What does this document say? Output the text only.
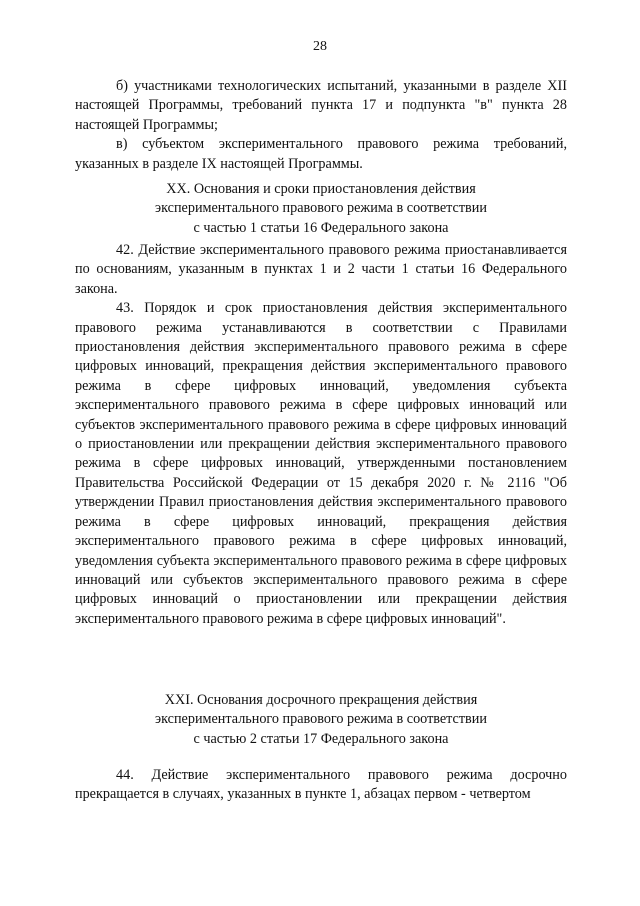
28

б) участниками технологических испытаний, указанными в разделе XII настоящей Программы, требований пункта 17 и подпункта "в" пункта 28 настоящей Программы;

в) субъектом экспериментального правового режима требований, указанных в разделе IX настоящей Программы.

XX. Основания и сроки приостановления действия
экспериментального правового режима в соответствии
с частью 1 статьи 16 Федерального закона

42. Действие экспериментального правового режима приостанавливается по основаниям, указанным в пунктах 1 и 2 части 1 статьи 16 Федерального закона.

43. Порядок и срок приостановления действия экспериментального правового режима устанавливаются в соответствии с Правилами приостановления действия экспериментального правового режима в сфере цифровых инноваций, прекращения действия экспериментального правового режима в сфере цифровых инноваций, уведомления субъекта экспериментального правового режима в сфере цифровых инноваций или субъектов экспериментального правового режима в сфере цифровых инноваций о приостановлении или прекращении действия экспериментального правового режима в сфере цифровых инноваций, утвержденными постановлением Правительства Российской Федерации от 15 декабря 2020 г. № 2116 "Об утверждении Правил приостановления действия экспериментального правового режима в сфере цифровых инноваций, прекращения действия экспериментального правового режима в сфере цифровых инноваций, уведомления субъекта экспериментального правового режима в сфере цифровых инноваций или субъектов экспериментального правового режима в сфере цифровых инноваций о приостановлении или прекращении действия экспериментального правового режима в сфере цифровых инноваций".

XXI. Основания досрочного прекращения действия
экспериментального правового режима в соответствии
с частью 2 статьи 17 Федерального закона

44. Действие экспериментального правового режима досрочно прекращается в случаях, указанных в пункте 1, абзацах первом - четвертом
